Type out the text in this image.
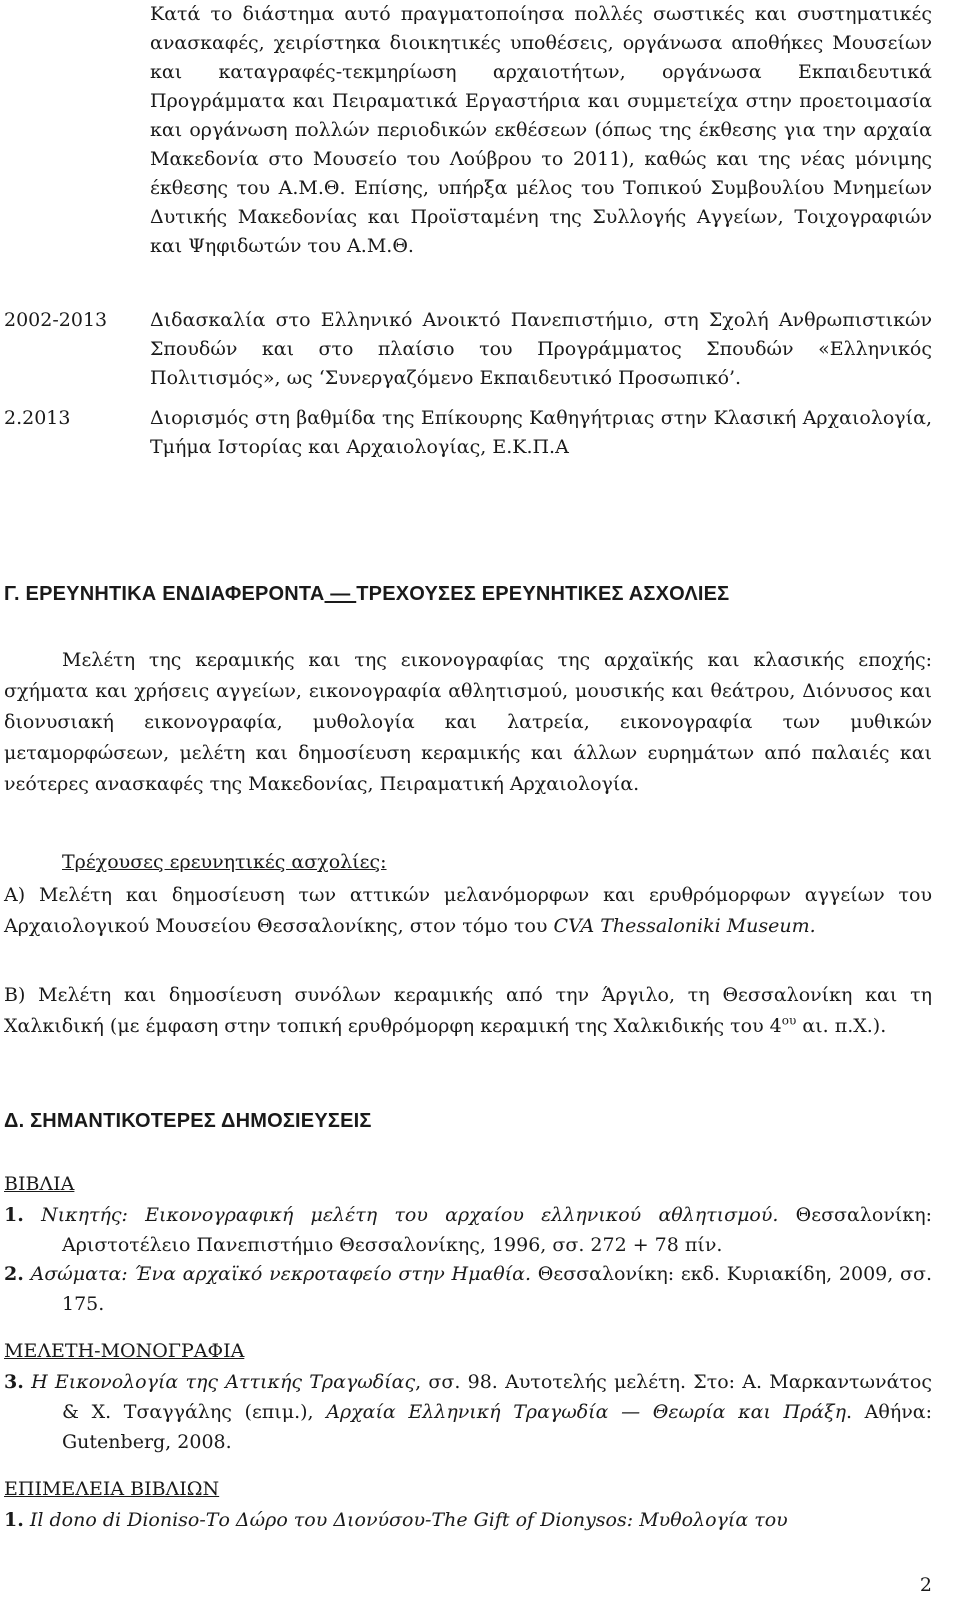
Κατά το διάστημα αυτό πραγματοποίησα πολλές σωστικές και συστηματικές ανασκαφές, χειρίστηκα διοικητικές υποθέσεις, οργάνωσα αποθήκες Μουσείων και καταγραφές-τεκμηρίωση αρχαιοτήτων, οργάνωσα Εκπαιδευτικά Προγράμματα και Πειραματικά Εργαστήρια και συμμετείχα στην προετοιμασία και οργάνωση πολλών περιοδικών εκθέσεων (όπως της έκθεσης για την αρχαία Μακεδονία στο Μουσείο του Λούβρου το 2011), καθώς και της νέας μόνιμης έκθεσης του Α.Μ.Θ. Επίσης, υπήρξα μέλος του Τοπικού Συμβουλίου Μνημείων Δυτικής Μακεδονίας και Προϊσταμένη της Συλλογής Αγγείων, Τοιχογραφιών και Ψηφιδωτών του Α.Μ.Θ.
2002-2013 Διδασκαλία στο Ελληνικό Ανοικτό Πανεπιστήμιο, στη Σχολή Ανθρωπιστικών Σπουδών και στο πλαίσιο του Προγράμματος Σπουδών «Ελληνικός Πολιτισμός», ως ‘Συνεργαζόμενο Εκπαιδευτικό Προσωπικό’.
2.2013	Διορισμός στη βαθμίδα της Επίκουρης Καθηγήτριας στην Κλασική Αρχαιολογία, Τμήμα Ιστορίας και Αρχαιολογίας, Ε.Κ.Π.Α
Γ. ΕΡΕΥΝΗΤΙΚΑ ΕΝΔΙΑΦΕΡΟΝΤΑ — ΤΡΕΧΟΥΣΕΣ ΕΡΕΥΝΗΤΙΚΕΣ ΑΣΧΟΛΙΕΣ
Μελέτη της κεραμικής και της εικονογραφίας της αρχαϊκής και κλασικής εποχής: σχήματα και χρήσεις αγγείων, εικονογραφία αθλητισμού, μουσικής και θεάτρου, Διόνυσος και διονυσιακή εικονογραφία, μυθολογία και λατρεία, εικονογραφία των μυθικών μεταμορφώσεων, μελέτη και δημοσίευση κεραμικής και άλλων ευρημάτων από παλαιές και νεότερες ανασκαφές της Μακεδονίας, Πειραματική Αρχαιολογία.
Τρέχουσες ερευνητικές ασχολίες:
Α) Μελέτη και δημοσίευση των αττικών μελανόμορφων και ερυθρόμορφων αγγείων του Αρχαιολογικού Μουσείου Θεσσαλονίκης, στον τόμο του CVA Thessaloniki Museum.
Β) Μελέτη και δημοσίευση συνόλων κεραμικής από την Άργιλο, τη Θεσσαλονίκη και τη Χαλκιδική (με έμφαση στην τοπική ερυθρόμορφη κεραμική της Χαλκιδικής του $4^{o\upsilon}$ αι. π.Χ.).
Δ. ΣΗΜΑΝΤΙΚΟΤΕΡΕΣ ΔΗΜΟΣΙΕΥΣΕΙΣ
ΒΙΒΛΙΑ
1. Νικητής: Εικονογραφική μελέτη του αρχαίου ελληνικού αθλητισμού. Θεσσαλονίκη: Αριστοτέλειο Πανεπιστήμιο Θεσσαλονίκης, 1996, σσ. 272 + 78 πίν.
2. Ασώματα: Ένα αρχαϊκό νεκροταφείο στην Ημαθία. Θεσσαλονίκη: εκδ. Κυριακίδη, 2009, σσ. 175.
ΜΕΛΕΤΗ-ΜΟΝΟΓΡΑΦΙΑ
3. Η Εικονολογία της Αττικής Τραγωδίας, σσ. 98. Αυτοτελής μελέτη. Στο: Α. Μαρκαντωνάτος & Χ. Τσαγγάλης (επιμ.), Αρχαία Ελληνική Τραγωδία — Θεωρία και Πράξη. Αθήνα: Gutenberg, 2008.
ΕΠΙΜΕΛΕΙΑ ΒΙΒΛΙΩΝ
1. Il dono di Dioniso-Το Δώρο του Διονύσου-The Gift of Dionysos: Μυθολογία του
2
